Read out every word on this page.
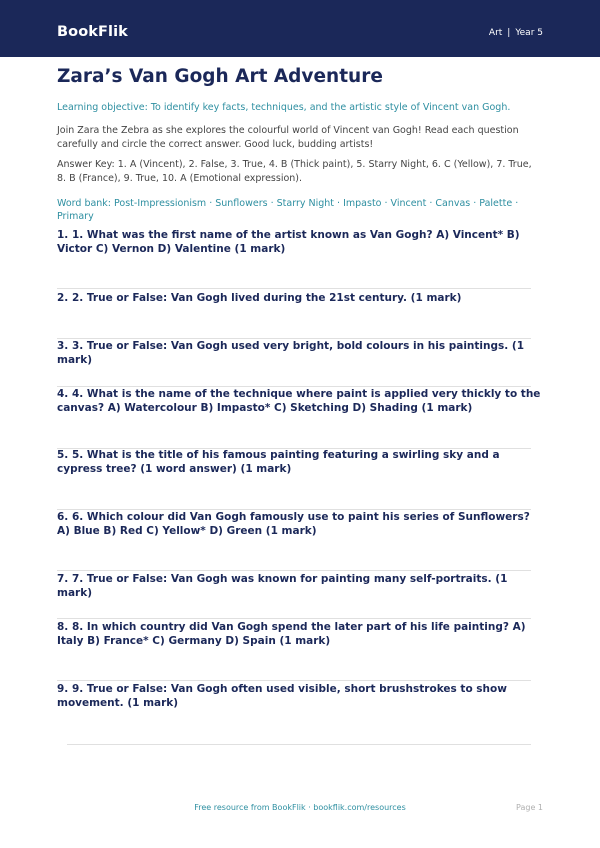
BookFlik	Art | Year 5
Zara’s Van Gogh Art Adventure
Learning objective: To identify key facts, techniques, and the artistic style of Vincent van Gogh.
Join Zara the Zebra as she explores the colourful world of Vincent van Gogh! Read each question carefully and circle the correct answer. Good luck, budding artists!
Answer Key: 1. A (Vincent), 2. False, 3. True, 4. B (Thick paint), 5. Starry Night, 6. C (Yellow), 7. True, 8. B (France), 9. True, 10. A (Emotional expression).
Word bank: Post-Impressionism · Sunflowers · Starry Night · Impasto · Vincent · Canvas · Palette · Primary
1. 1. What was the first name of the artist known as Van Gogh? A) Vincent* B) Victor C) Vernon D) Valentine (1 mark)
2. 2. True or False: Van Gogh lived during the 21st century. (1 mark)
3. 3. True or False: Van Gogh used very bright, bold colours in his paintings. (1 mark)
4. 4. What is the name of the technique where paint is applied very thickly to the canvas? A) Watercolour B) Impasto* C) Sketching D) Shading (1 mark)
5. 5. What is the title of his famous painting featuring a swirling sky and a cypress tree? (1 word answer) (1 mark)
6. 6. Which colour did Van Gogh famously use to paint his series of Sunflowers? A) Blue B) Red C) Yellow* D) Green (1 mark)
7. 7. True or False: Van Gogh was known for painting many self-portraits. (1 mark)
8. 8. In which country did Van Gogh spend the later part of his life painting? A) Italy B) France* C) Germany D) Spain (1 mark)
9. 9. True or False: Van Gogh often used visible, short brushstrokes to show movement. (1 mark)
Free resource from BookFlik · bookflik.com/resources	Page 1
